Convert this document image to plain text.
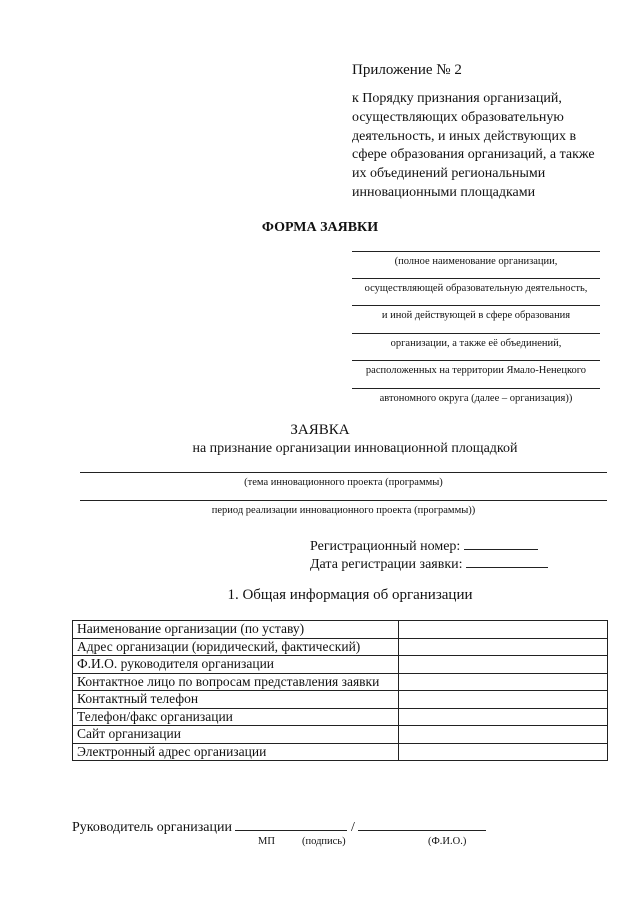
Приложение № 2
к Порядку признания организаций,
осуществляющих образовательную
деятельность, и иных действующих в
сфере образования организаций, а также
их объединений региональными
инновационными площадками
ФОРМА ЗАЯВКИ
(полное наименование организации,
осуществляющей образовательную деятельность,
и иной действующей в сфере образования
организации, а также её объединений,
расположенных на территории Ямало-Ненецкого
автономного округа (далее – организация))
ЗАЯВКА
на признание организации инновационной площадкой
(тема инновационного проекта (программы)
период реализации инновационного проекта (программы))
Регистрационный номер:
Дата регистрации заявки:
1. Общая информация об организации
Наименование организации (по уставу)	
Адрес организации (юридический, фактический)	
Ф.И.О. руководителя организации	
Контактное лицо по вопросам представления заявки	
Контактный телефон	
Телефон/факс организации	
Сайт организации	
Электронный адрес организации	
Руководитель организации	/
МП	(подпись)	(Ф.И.О.)
